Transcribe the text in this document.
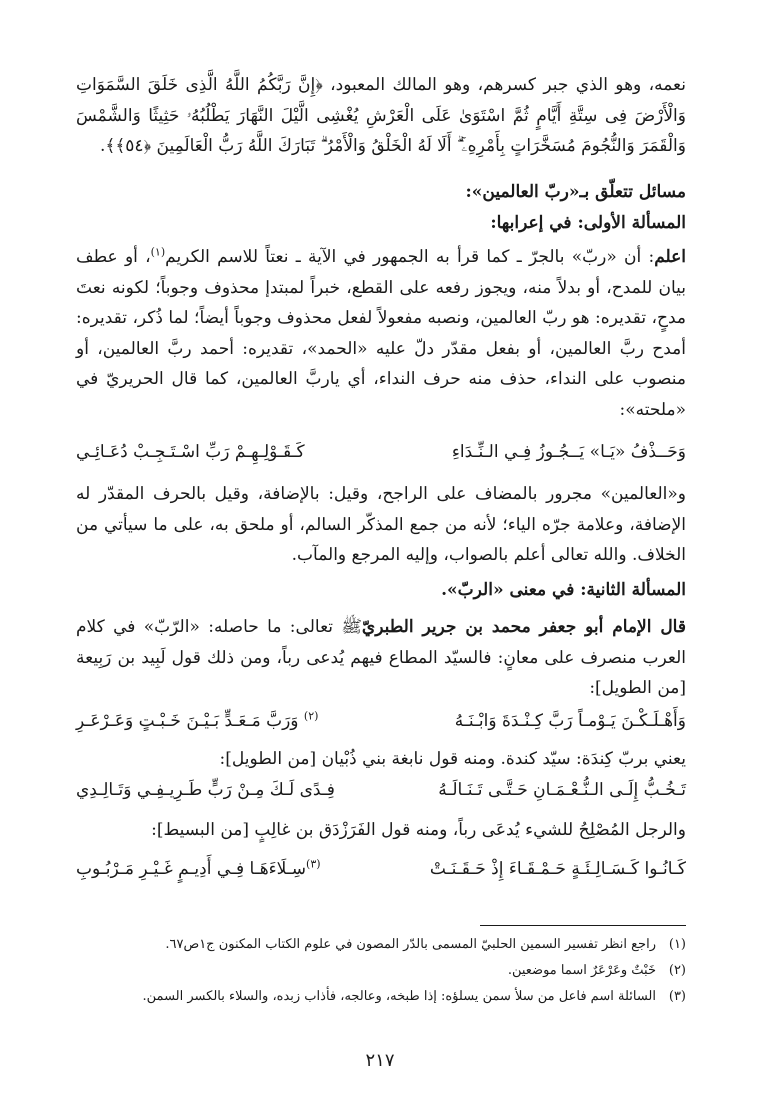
نعمه، وهو الذي جبر كسرهم، وهو المالك المعبود، ﴿إِنَّ رَبَّكُمُ اللَّهُ الَّذِى خَلَقَ السَّمَوَاتِ وَالْأَرْضَ فِى سِتَّةِ أَيَّامٍ ثُمَّ اسْتَوَىٰ عَلَى الْعَرْشِ يُغْشِى الَّيْلَ النَّهَارَ يَطْلُبُهُۥ حَثِيثًا وَالشَّمْسَ وَالْقَمَرَ وَالنُّجُومَ مُسَخَّرَاتٍ بِأَمْرِهِۦٓ ۗ أَلَا لَهُ الْخَلْقُ وَالْأَمْرُ ۗ تَبَارَكَ اللَّهُ رَبُّ الْعَالَمِينَ ﴿٥٤﴾﴾.
مسائل تتعلّق بـ«ربّ العالمين»:
المسألة الأولى: في إعرابها:
اعلم: أن «ربّ» بالجرّ ـ كما قرأ به الجمهور في الآية ـ نعتاً للاسم الكريم$^{(١)}$، أو عطف بيان للمدح، أو بدلاً منه، ويجوز رفعه على القطع، خبراً لمبتدإ محذوف وجوباً؛ لكونه نعتَ مدحٍ، تقديره: هو ربّ العالمين، ونصبه مفعولاً لفعل محذوف وجوباً أيضاً؛ لما ذُكر، تقديره: أمدح ربَّ العالمين، أو بفعل مقدّر دلّ عليه «الحمد»، تقديره: أحمد ربَّ العالمين، أو منصوب على النداء، حذف منه حرف النداء، أي ياربَّ العالمين، كما قال الحريريّ في «ملحته»:
وَحَــذْفُ «يَـا» يَــجُـوزُ فِـي الـنِّـدَاءِ
كَـقَـوْلِـهِـمْ رَبِّ اسْـتَـجِـبْ دُعَـائِـي
و«العالمين» مجرور بالمضاف على الراجح، وقيل: بالإضافة، وقيل بالحرف المقدّر له الإضافة، وعلامة جرّه الياء؛ لأنه من جمع المذكّر السالم، أو ملحق به، على ما سيأتي من الخلاف. والله تعالى أعلم بالصواب، وإليه المرجع والمآب.
المسألة الثانية: في معنى «الربّ».
قال الإمام أبو جعفر محمد بن جرير الطبريّﷺ تعالى: ما حاصله: «الرّبّ» في كلام العرب منصرف على معانٍ: فالسيّد المطاع فيهم يُدعى رباً، ومن ذلك قول لَبِيد بن رَبِيعة [من الطويل]:
وَأَهْـلَـكْـنَ يَـوْمـاً رَبَّ كِـنْـدَةَ وَابْـنَـهُ
$^{(٢)}$ وَرَبَّ مَـعَـدٍّ بَـيْـنَ خَـبْـتٍ وَعَـرْعَـرِ
يعني بربّ كِندَة: سيّد كندة. ومنه قول نابغة بني ذُبْيان [من الطويل]:
تَـخُـبُّ إِلَـى الـنُّـعْـمَـانِ حَـتَّـى تَـنَـالَـهُ
فِـدًى لَـكَ مِـنْ رَبٍّ طَـرِيـفِـي وَتَـالِـدِي
والرجل المُصْلِحُ للشيء يُدعَى رباً، ومنه قول الفَرَزْدَق بن غالِبٍ [من البسيط]:
كَـانُـوا كَـسَـالِـئَـةٍ حَـمْـقَـاءَ إِذْ حَـقَـنَـتْ
$^{(٣)}$سِـلَاءَهَـا فِـي أَدِيـمٍ غَـيْـرِ مَـرْبُـوبِ
(١)راجع انظر تفسير السمين الحلبيّ المسمى بالدّر المصون في علوم الكتاب المكنون ج١ص٦٧.
(٢)خَبْتٌ وعَرْعَرٌ اسما موضعين.
(٣)السائلة اسم فاعل من سلأ سمن يسلؤه: إذا طبخه، وعالجه، فأذاب زبده، والسلاء بالكسر السمن.
٢١٧
